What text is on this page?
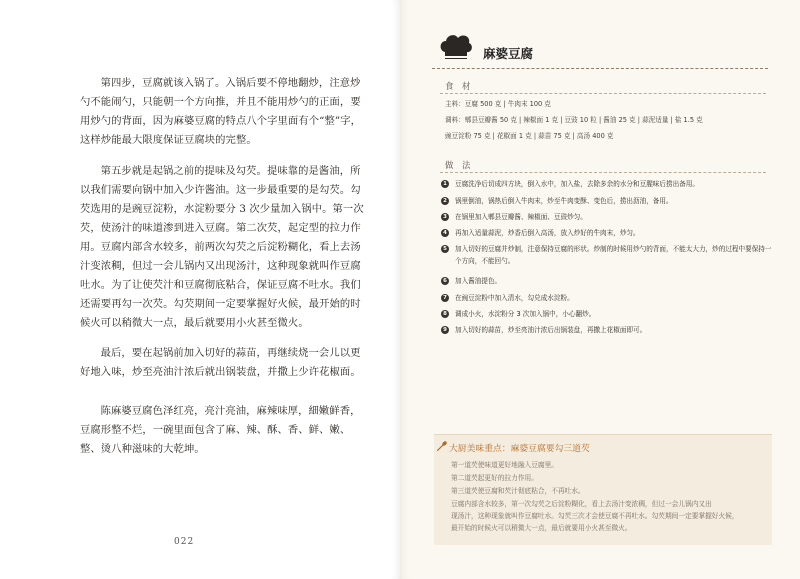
第四步，豆腐就该入锅了。入锅后要不停地翻炒，注意炒勺不能闹勺，只能朝一个方向推，并且不能用炒勺的正面，要用炒勺的背面，因为麻婆豆腐的特点八个字里面有个“整”字，这样炒能最大限度保证豆腐块的完整。

第五步就是起锅之前的提味及勾芡。提味靠的是酱油，所以我们需要向锅中加入少许酱油。这一步最重要的是勾芡。勾芡选用的是豌豆淀粉，水淀粉要分 3 次少量加入锅中。第一次芡，使汤汁的味道渗到进入豆腐。第二次芡，起定型的拉力作用。豆腐内部含水较多，前两次勾芡之后淀粉糊化，看上去汤汁变浓稠，但过一会儿锅内又出现汤汁，这种现象就叫作豆腐吐水。为了让使芡汁和豆腐彻底粘合，保证豆腐不吐水。我们还需要再勾一次芡。勾芡期间一定要掌握好火候，最开始的时候火可以稍微大一点，最后就要用小火甚至微火。

最后，要在起锅前加入切好的蒜苗，再继续烧一会儿以更好地入味，炒至亮油汁浓后就出锅装盘，并撒上少许花椒面。

陈麻婆豆腐色泽红亮，亮汁亮油，麻辣味厚，細嫩鲜香，豆腐形整不烂，一碗里面包含了麻、辣、酥、香、鲜、嫩、整、烫八种滋味的大乾坤。

022
麻婆豆腐
食 材
主料：豆腐 500 克 | 牛肉末 100 克
调料：郫县豆瓣酱 50 克 | 辣椒面 1 克 | 豆豉 10 粒 | 酱油 25 克 | 蒜泥适量 | 盐 1.5 克
豌豆淀粉 75 克 | 花椒面 1 克 | 蒜苗 75 克 | 高汤 400 克
做 法
1	豆腐洗净后切成四方块，倒入水中，加入盐，去除多余的水分和豆腥味后捞出备用。
2	锅里倒油，锅热后倒入牛肉末，炒至牛肉变酥、变色后，捞出沥油，备用。
3	在锅里加入郫县豆瓣酱、辣椒面、豆豉炒匀。
4	再加入适量蒜泥，炒香后倒入高汤，放入炒好的牛肉末，炒匀。
5	加入切好的豆腐并炒制，注意保持豆腐的形状。炒制的时候用炒勺的背面，不能太大力，炒的过程中要保持一个方向，不能回勺。
6	加入酱油提色。
7	在豌豆淀粉中加入清水，勾兑成水淀粉。
8	调成小火，水淀粉分 3 次加入锅中，小心翻炒。
9	加入切好的蒜苗，炒至亮油汁浓后出锅装盘，再撒上花椒面即可。
大厨美味重点：麻婆豆腐要勾三道芡
第一道芡使味道更好地融入豆腐里。
第二道芡起更好的拉力作用。
第三道芡使豆腐和芡汁彻底粘合，不再吐水。
豆腐内部含水较多，第一次勾芡之后淀粉糊化，看上去汤汁变浓稠，但过一会儿锅内又出
现汤汁，这种现象就叫作豆腐吐水。勾芡三次才会使豆腐不再吐水。勾芡期间一定要掌握好火候，
最开始的时候火可以稍微大一点，最后就要用小火甚至微火。
